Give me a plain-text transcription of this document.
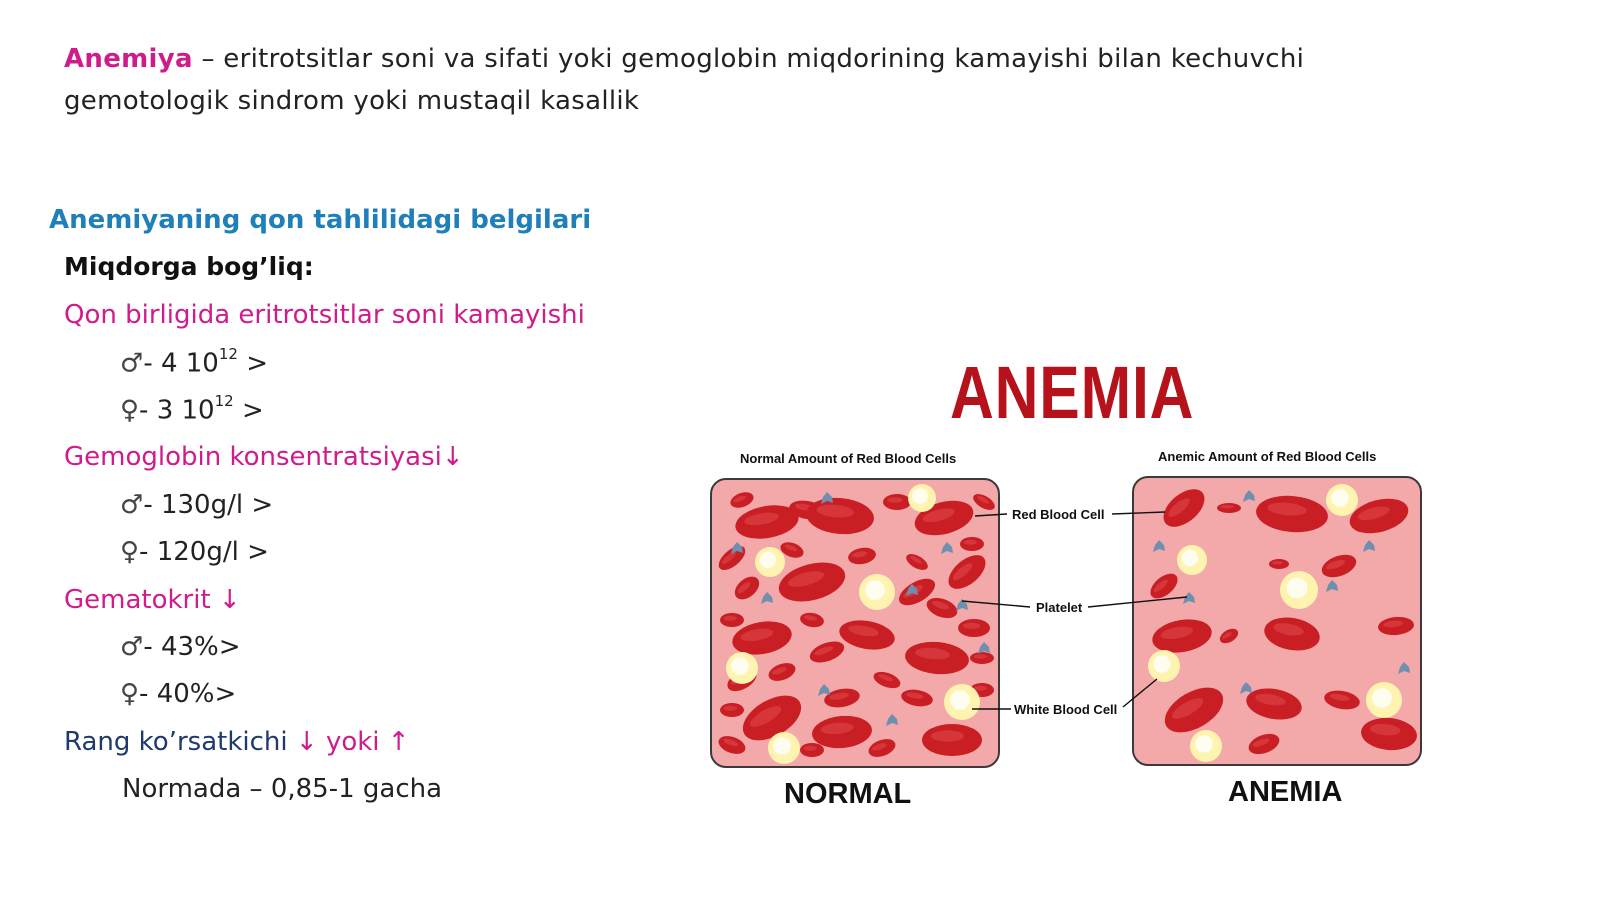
Anemiya – eritrotsitlar soni va sifati yoki gemoglobin miqdorining kamayishi bilan kechuvchi gemotologik sindrom yoki mustaqil kasallik
Anemiyaning qon tahlilidagi belgilari
Miqdorga bog’liq:
Qon birligida eritrotsitlar soni kamayishi
♂- 4 $10^{12}$ >
♀- 3 $10^{12}$ >
Gemoglobin konsentratsiyasi↓
♂- 130g/l >
♀- 120g/l >
Gematokrit ↓
♂- 43%>
♀- 40%>
Rang ko’rsatkichi ↓ yoki ↑
Normada – 0,85-1 gacha
ANEMIA
Normal Amount of Red Blood Cells	Anemic Amount of Red Blood Cells
Red Blood Cell
Platelet
White Blood Cell
NORMAL	ANEMIA
